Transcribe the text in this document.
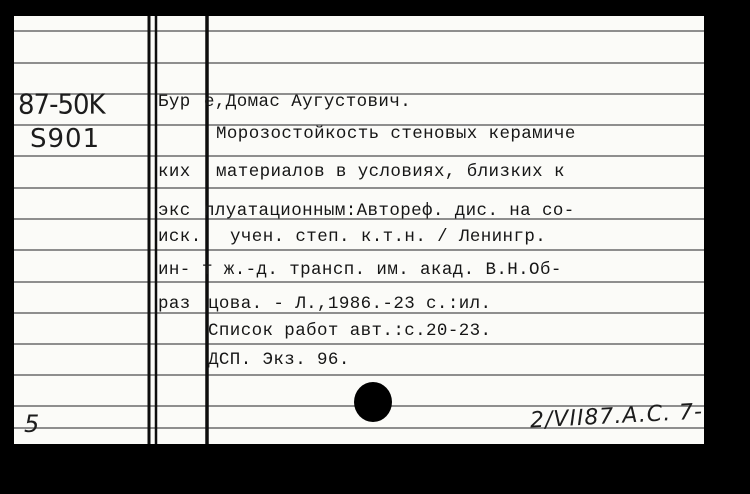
87-50K
S901
Бур е,Домас Аугустович.
Морозостойкость стеновых керамиче
ких материалов в условиях, близких к
экс плуатационным:Автореф. дис. на со-
иск. учен. степ. к.т.н. / Ленингр.
ин- т ж.-д. трансп. им. акад. В.Н.Об-
раз цова. - Л.,1986.-23 с.:ил.
Список работ авт.:с.20-23.
ДСП. Экз. 96.
5	2/VII87.A.C. 7-
